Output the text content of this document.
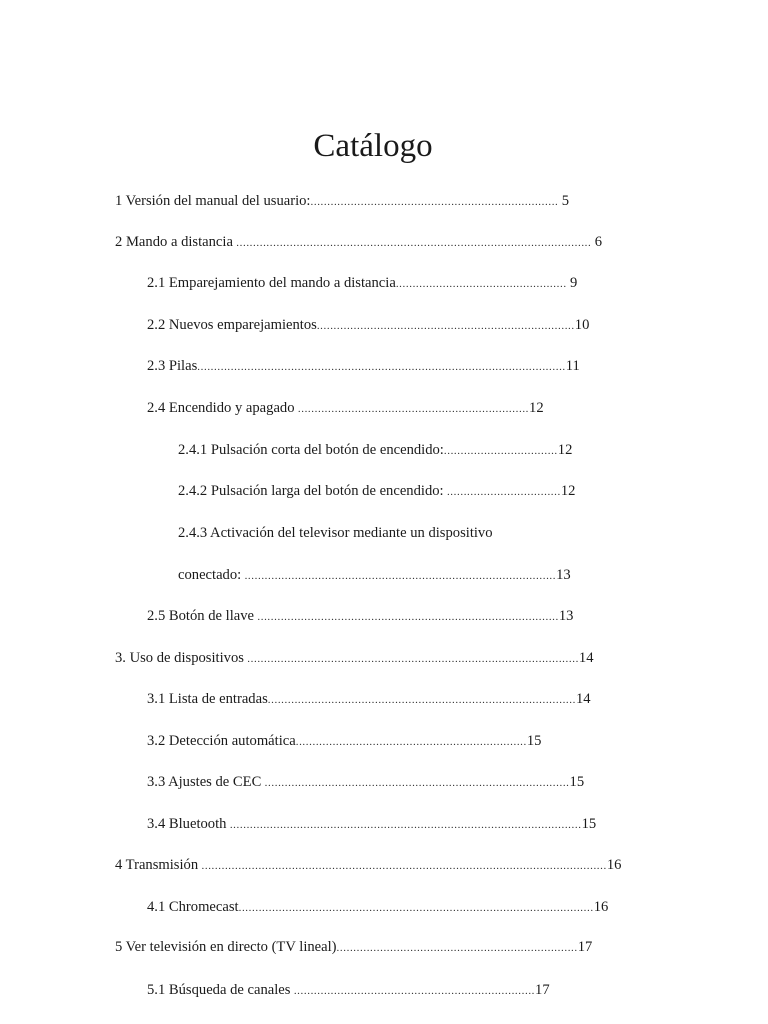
Catálogo
1 Versión del manual del usuario:.......................................................................... 5
2 Mando a distancia .......................................................................................................... 6
2.1 Emparejamiento del mando a distancia................................................... 9
2.2 Nuevos emparejamientos.............................................................................10
2.3 Pilas..............................................................................................................11
2.4 Encendido y apagado .....................................................................12
2.4.1 Pulsación corta del botón de encendido:..................................12
2.4.2 Pulsación larga del botón de encendido: ..................................12
2.4.3 Activación del televisor mediante un dispositivo
conectado: .............................................................................................13
2.5 Botón de llave ..........................................................................................13
3. Uso de dispositivos ...................................................................................................14
3.1 Lista de entradas............................................................................................14
3.2 Detección automática.....................................................................15
3.3 Ajustes de CEC ...........................................................................................15
3.4 Bluetooth .........................................................................................................15
4 Transmisión .........................................................................................................................16
4.1 Chromecast..........................................................................................................16
5 Ver televisión en directo (TV lineal)........................................................................17
5.1 Búsqueda de canales ........................................................................17
